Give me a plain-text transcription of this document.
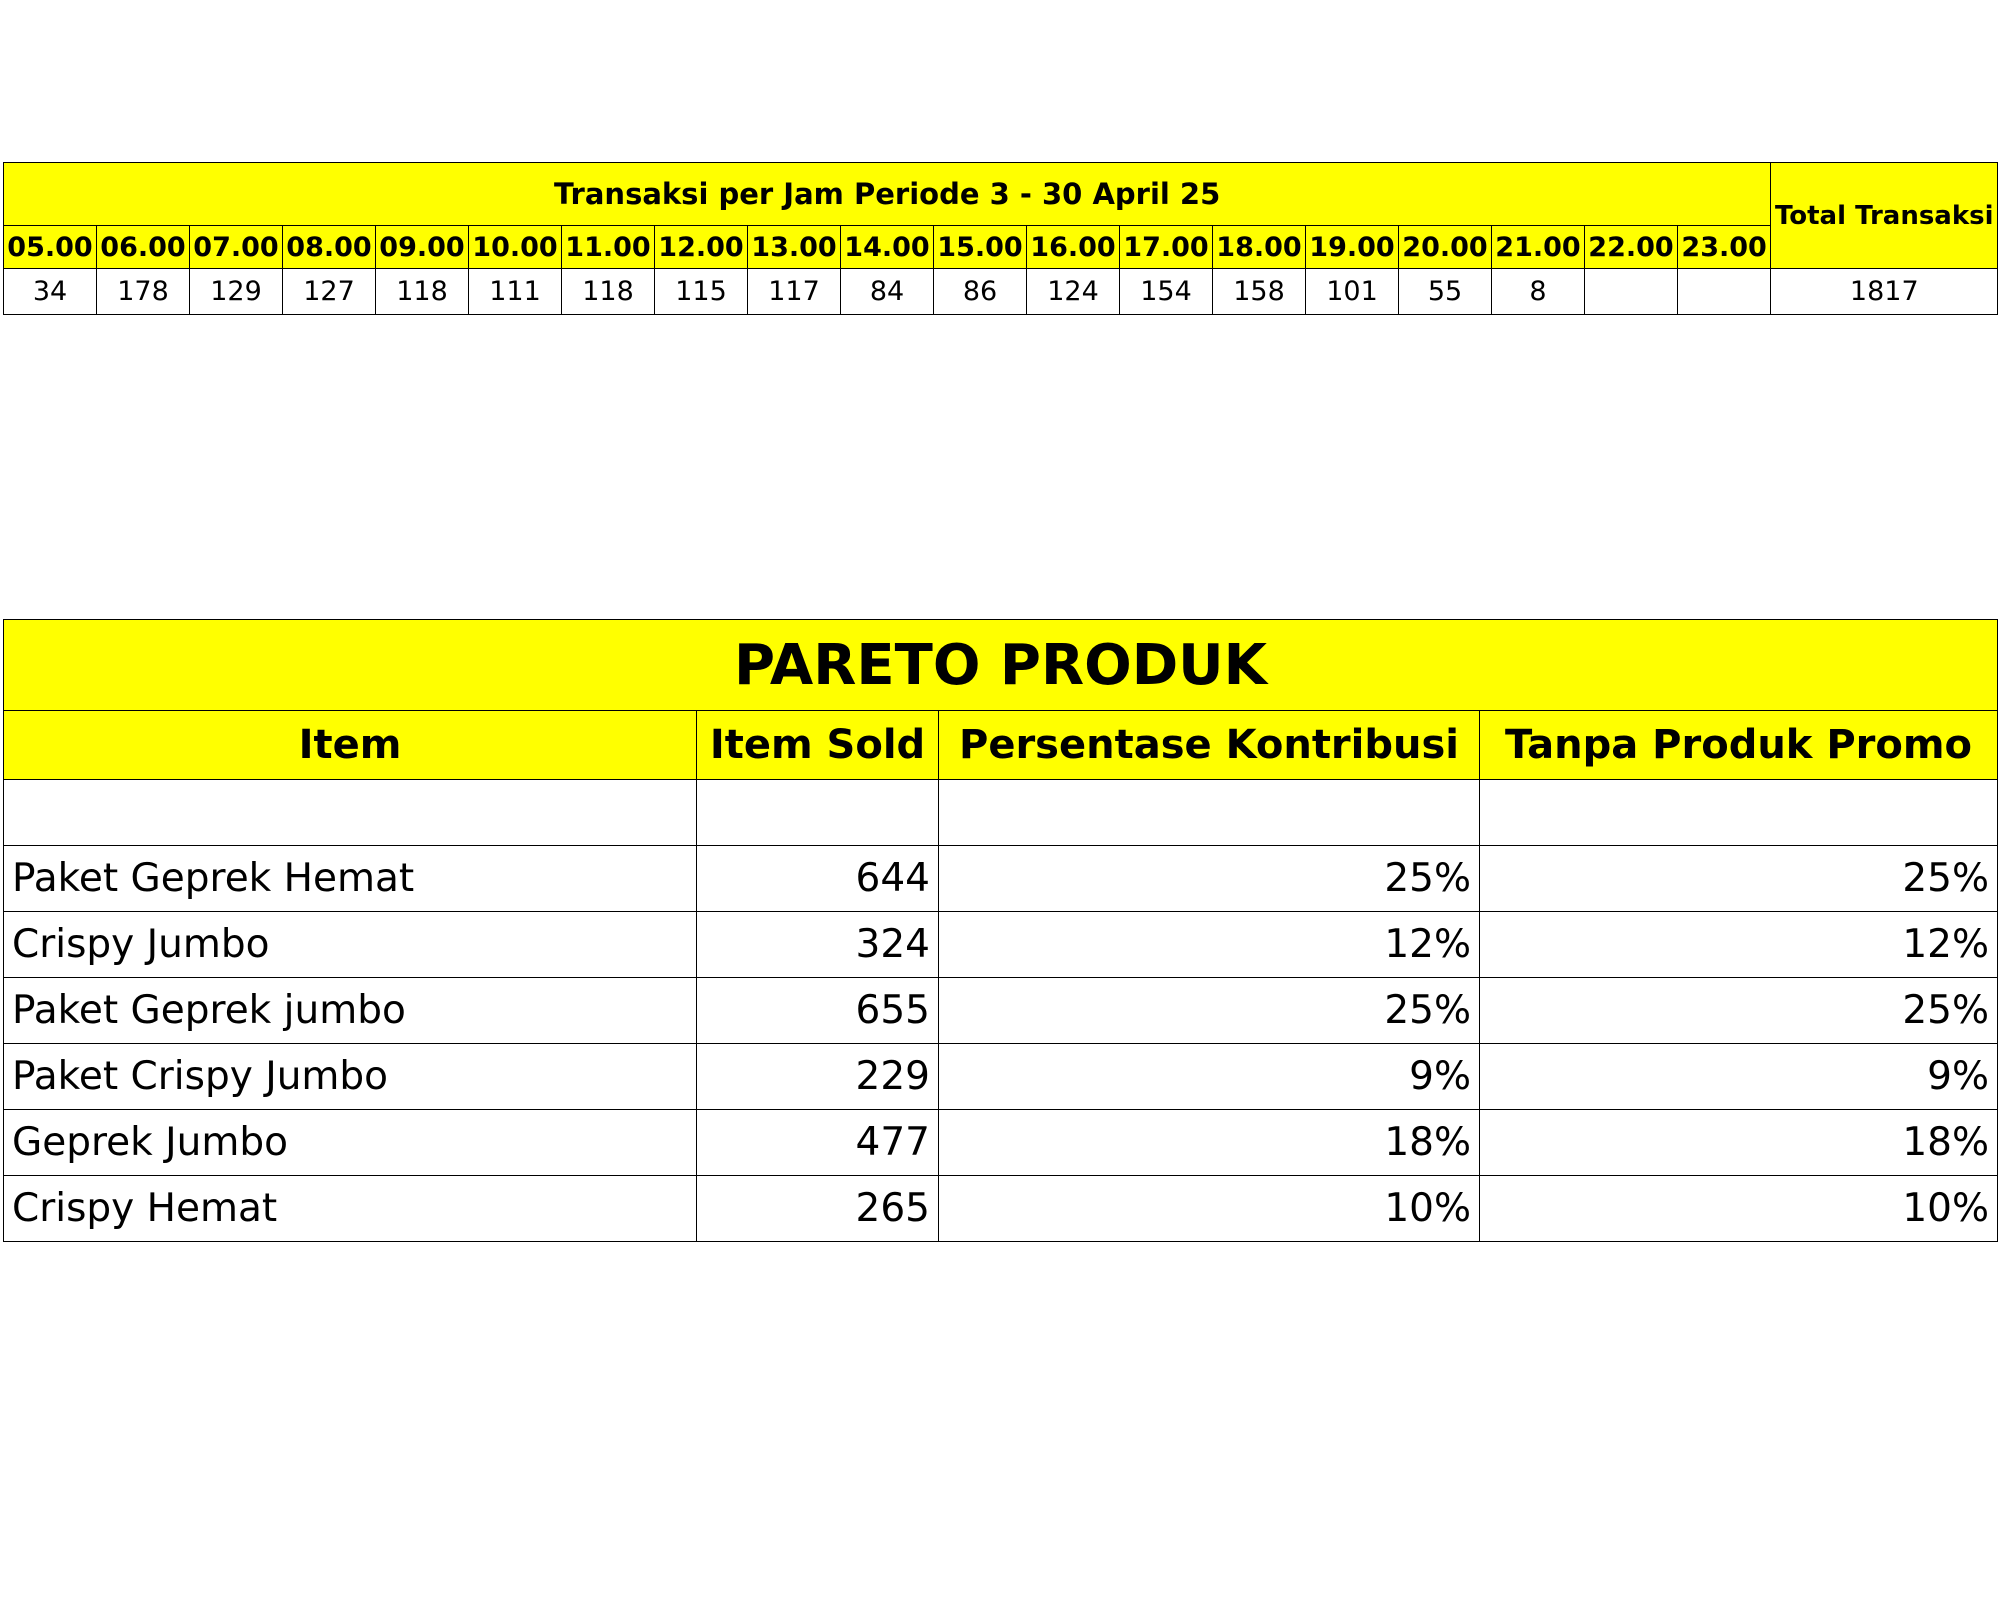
Transaksi per Jam Periode 3 - 30 April 25																			Total Transaksi
05.00	06.00	07.00	08.00	09.00	10.00	11.00	12.00	13.00	14.00	15.00	16.00	17.00	18.00	19.00	20.00	21.00	22.00	23.00	
34	178	129	127	118	111	118	115	117	84	86	124	154	158	101	55	8			1817
PARETO PRODUK			
Item	Item Sold	Persentase Kontribusi	Tanpa Produk Promo

Paket Geprek Hemat	644	25%	25%
Crispy Jumbo	324	12%	12%
Paket Geprek jumbo	655	25%	25%
Paket Crispy Jumbo	229	9%	9%
Geprek Jumbo	477	18%	18%
Crispy Hemat	265	10%	10%
